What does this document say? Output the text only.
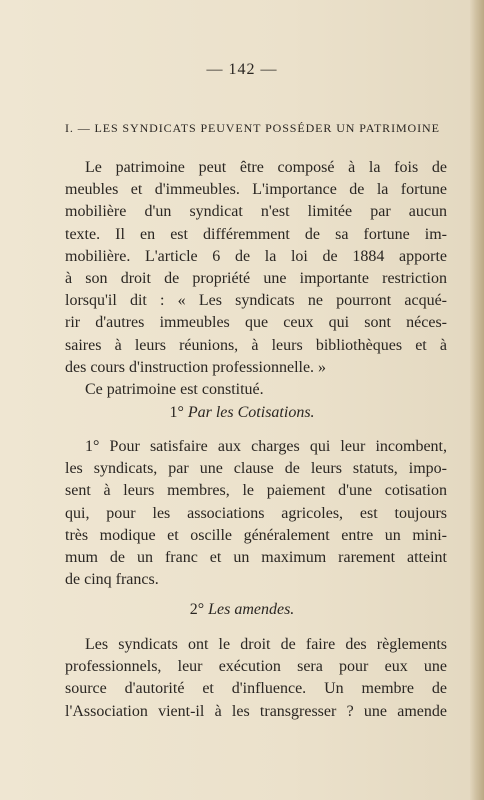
— 142 —
I. — LES SYNDICATS PEUVENT POSSÉDER UN PATRIMOINE
Le patrimoine peut être composé à la fois de
meubles et d'immeubles. L'importance de la fortune
mobilière d'un syndicat n'est limitée par aucun
texte. Il en est différemment de sa fortune im-
mobilière. L'article 6 de la loi de 1884 apporte
à son droit de propriété une importante restriction
lorsqu'il dit : « Les syndicats ne pourront acqué-
rir d'autres immeubles que ceux qui sont néces-
saires à leurs réunions, à leurs bibliothèques et à
des cours d'instruction professionnelle. »
Ce patrimoine est constitué.
1° Par les Cotisations.
1° Pour satisfaire aux charges qui leur incombent,
les syndicats, par une clause de leurs statuts, impo-
sent à leurs membres, le paiement d'une cotisation
qui, pour les associations agricoles, est toujours
très modique et oscille généralement entre un mini-
mum de un franc et un maximum rarement atteint
de cinq francs.
2° Les amendes.
Les syndicats ont le droit de faire des règlements
professionnels, leur exécution sera pour eux une
source d'autorité et d'influence. Un membre de
l'Association vient-il à les transgresser ? une amende
